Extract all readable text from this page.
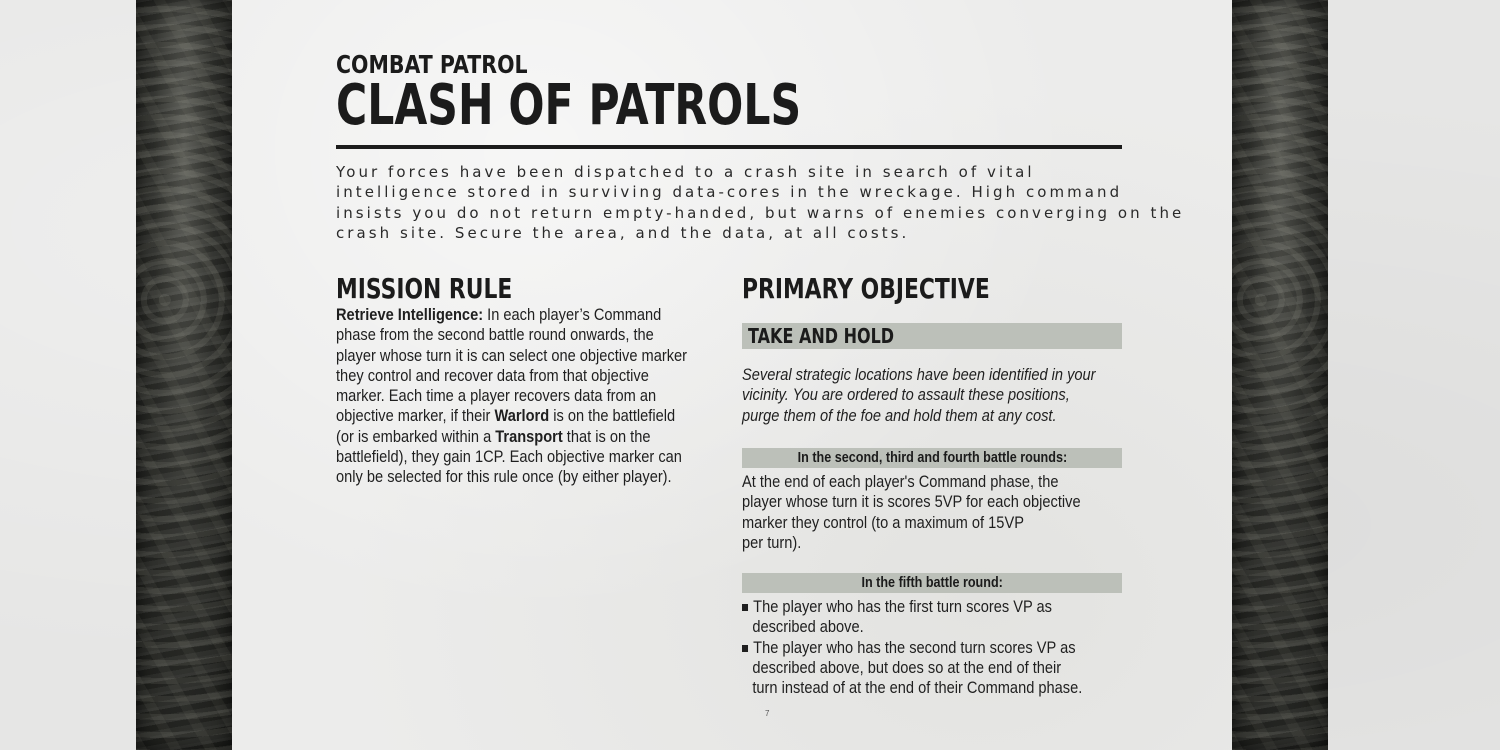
COMBAT PATROL
CLASH OF PATROLS
Your forces have been dispatched to a crash site in search of vital
intelligence stored in surviving data-cores in the wreckage. High command
insists you do not return empty-handed, but warns of enemies converging on the
crash site. Secure the area, and the data, at all costs.
MISSION RULE
Retrieve Intelligence: In each player’s Command
phase from the second battle round onwards, the
player whose turn it is can select one objective marker
they control and recover data from that objective
marker. Each time a player recovers data from an
objective marker, if their Warlord is on the battlefield
(or is embarked within a Transport that is on the
battlefield), they gain 1CP. Each objective marker can
only be selected for this rule once (by either player).
PRIMARY OBJECTIVE
TAKE AND HOLD
Several strategic locations have been identified in your
vicinity. You are ordered to assault these positions,
purge them of the foe and hold them at any cost.
In the second, third and fourth battle rounds:
At the end of each player's Command phase, the
player whose turn it is scores 5VP for each objective
marker they control (to a maximum of 15VP
per turn).
In the fifth battle round:
The player who has the first turn scores VP as
described above.
The player who has the second turn scores VP as
described above, but does so at the end of their
turn instead of at the end of their Command phase.
7
